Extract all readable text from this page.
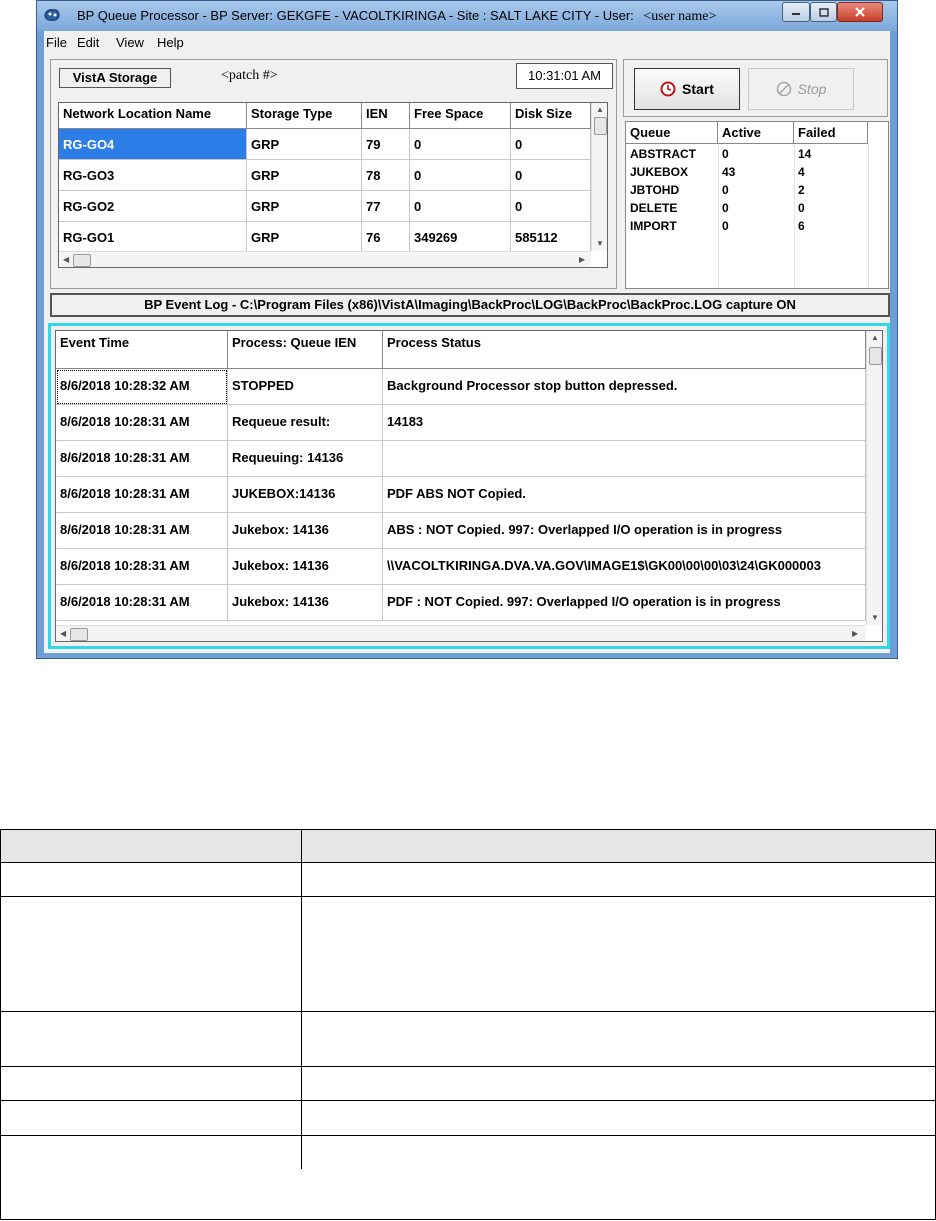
BP Queue Processor - BP Server: GEKGFE - VACOLTKIRINGA - Site : SALT LAKE CITY - User: <user name>
File Edit View Help
VistA Storage	<patch #>	10:31:01 AM
Network Location Name	Storage Type	IEN	Free Space	Disk Size
RG-GO4	GRP	79	0	0
RG-GO3	GRP	78	0	0
RG-GO2	GRP	77	0	0
RG-GO1	GRP	76	349269	585112
▲
▼
◀	▶
Start	Stop
Queue	Active	Failed
ABSTRACT	0	14
JUKEBOX	43	4
JBTOHD	0	2
DELETE	0	0
IMPORT	0	6
BP Event Log - C:\Program Files (x86)\VistA\Imaging\BackProc\LOG\BackProc\BackProc.LOG capture ON
Event Time	Process: Queue IEN	Process Status
8/6/2018 10:28:32 AM	STOPPED	Background Processor stop button depressed.
8/6/2018 10:28:31 AM	Requeue result:	14183
8/6/2018 10:28:31 AM	Requeuing: 14136
8/6/2018 10:28:31 AM	JUKEBOX:14136	PDF ABS NOT Copied.
8/6/2018 10:28:31 AM	Jukebox: 14136	ABS : NOT Copied. 997: Overlapped I/O operation is in progress
8/6/2018 10:28:31 AM	Jukebox: 14136	\\VACOLTKIRINGA.DVA.VA.GOV\IMAGE1$\GK00\00\00\03\24\GK000003
8/6/2018 10:28:31 AM	Jukebox: 14136	PDF : NOT Copied. 997: Overlapped I/O operation is in progress
▲
▼
◀	▶
